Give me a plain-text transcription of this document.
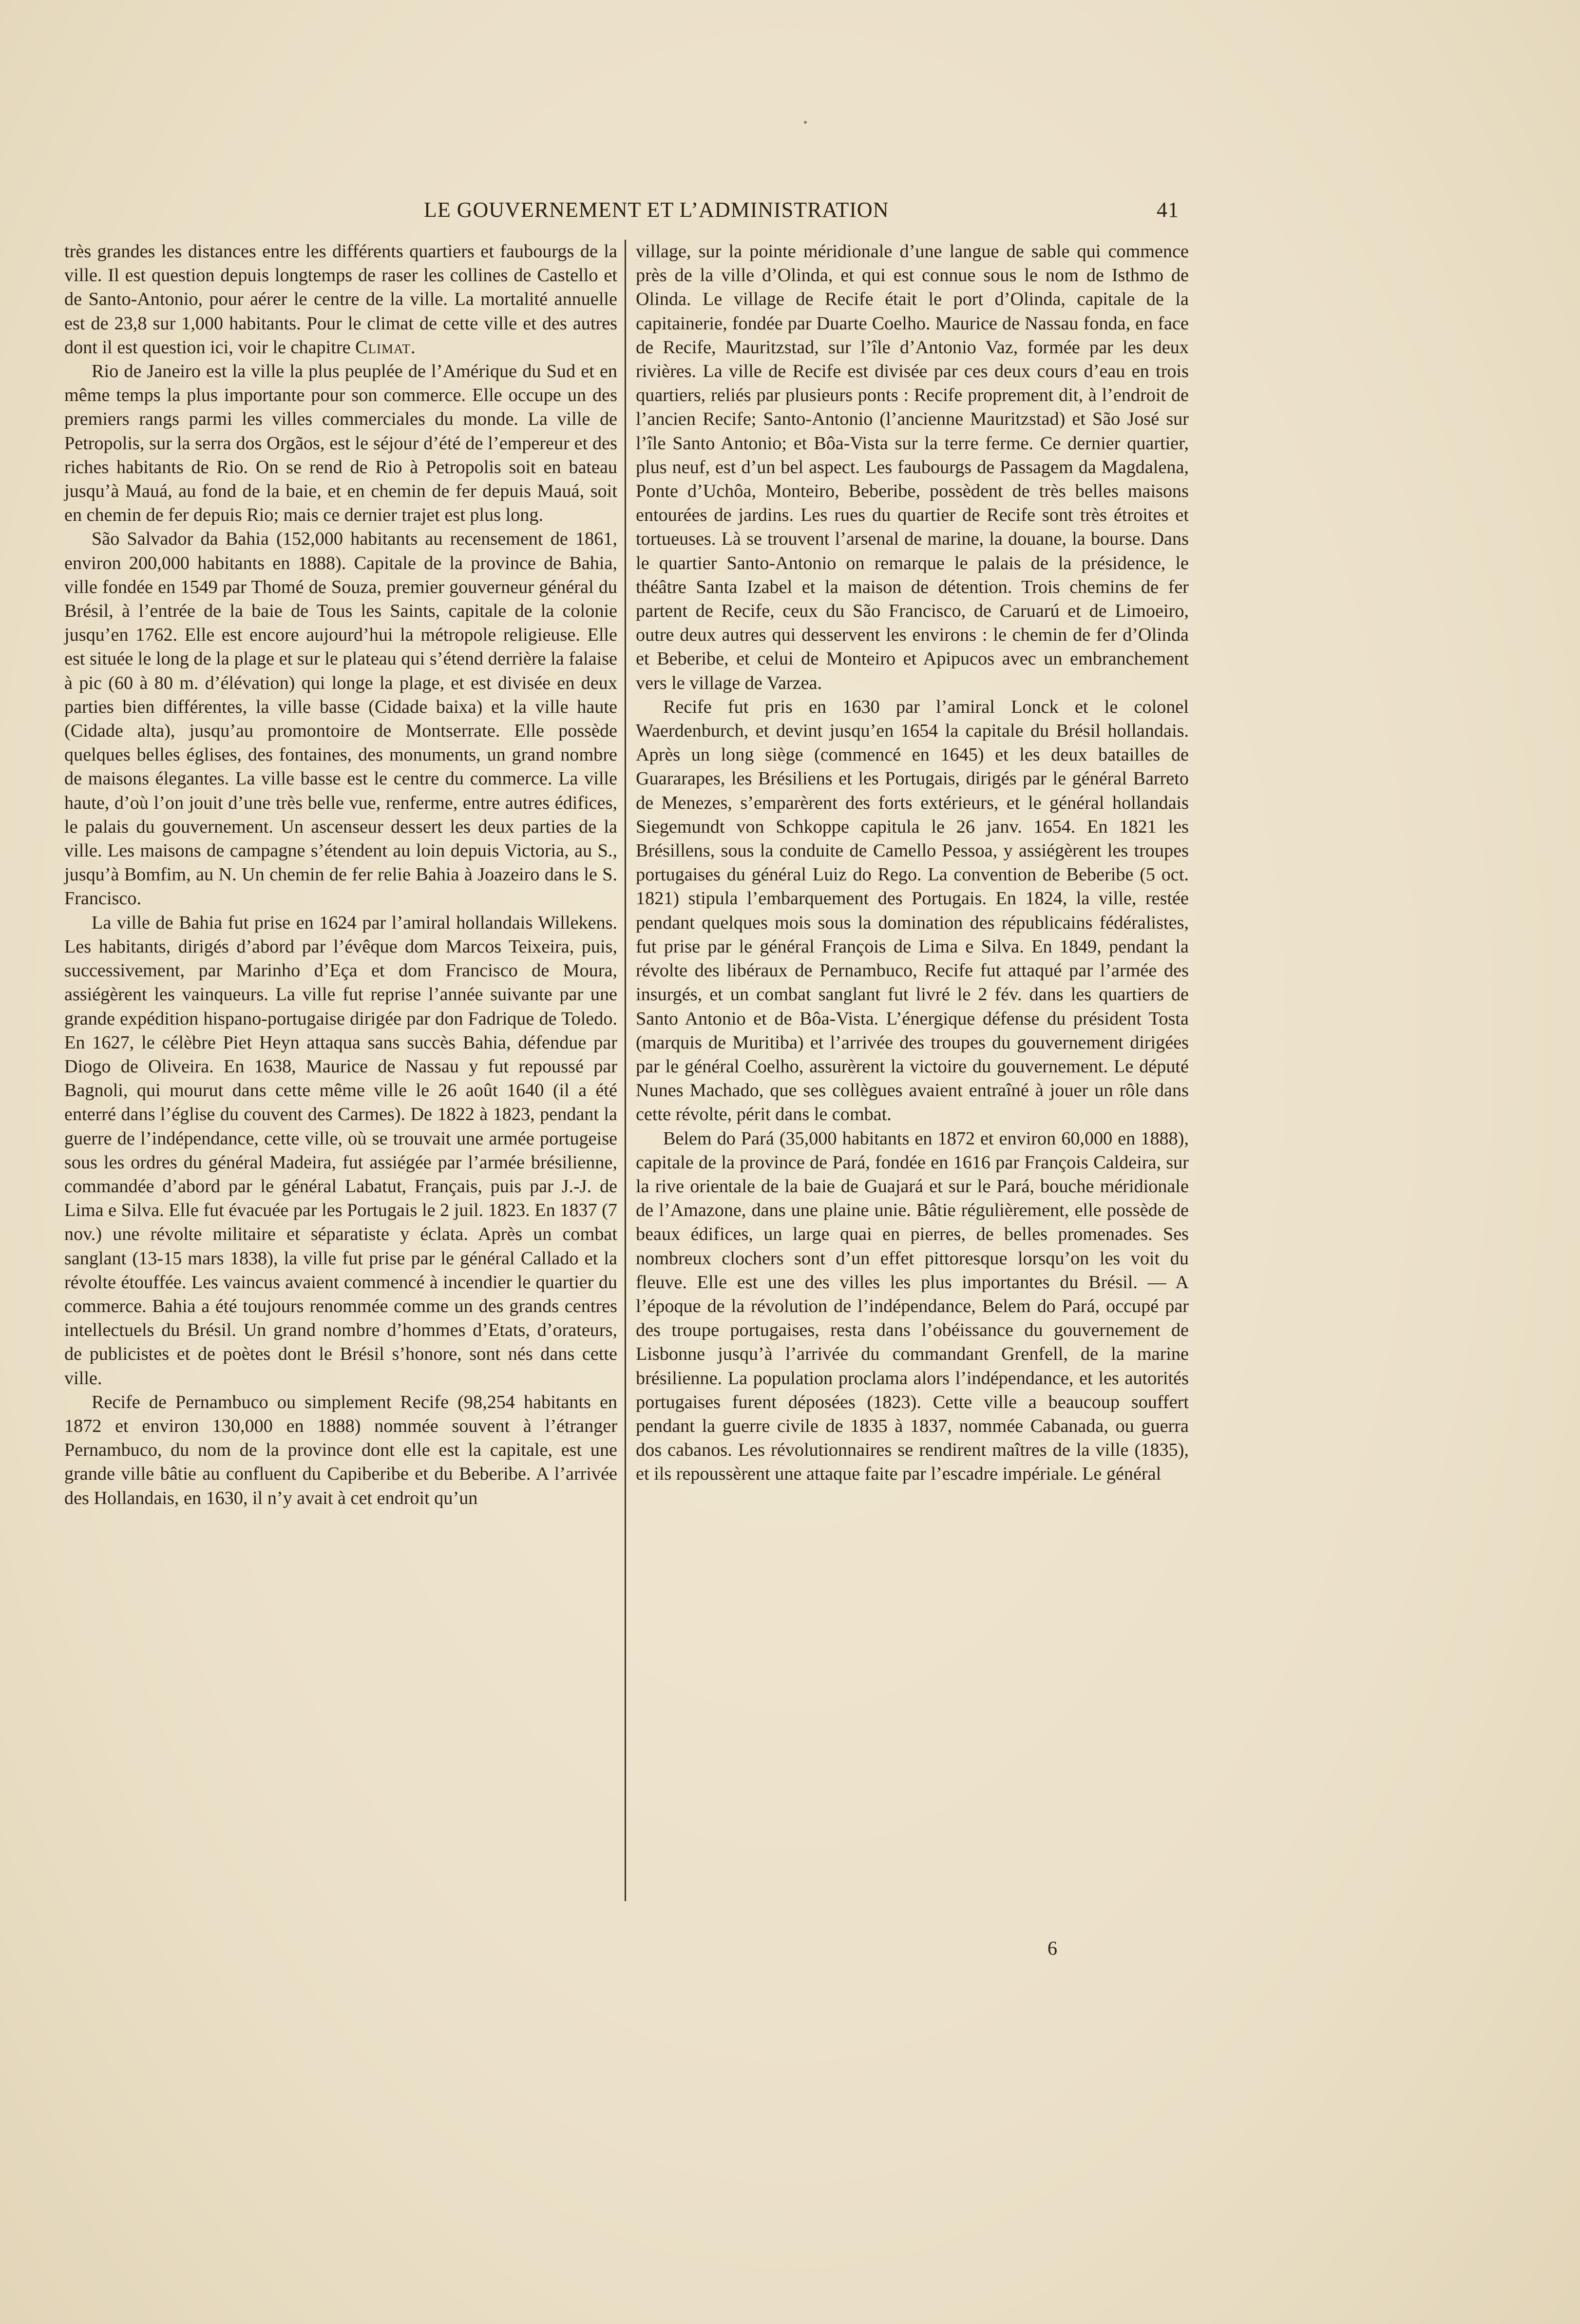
LE GOUVERNEMENT ET L’ADMINISTRATION	41

très grandes les distances entre les différents quartiers et faubourgs de la ville. Il est question depuis longtemps de raser les collines de Castello et de Santo-Antonio, pour aérer le centre de la ville. La mortalité annuelle est de 23,8 sur 1,000 habitants. Pour le climat de cette ville et des autres dont il est question ici, voir le chapitre Climat.

Rio de Janeiro est la ville la plus peuplée de l’Amérique du Sud et en même temps la plus importante pour son commerce. Elle occupe un des premiers rangs parmi les villes commerciales du monde. La ville de Petropolis, sur la serra dos Orgãos, est le séjour d’été de l’empereur et des riches habitants de Rio. On se rend de Rio à Petropolis soit en bateau jusqu’à Mauá, au fond de la baie, et en chemin de fer depuis Mauá, soit en chemin de fer depuis Rio; mais ce dernier trajet est plus long.

São Salvador da Bahia (152,000 habitants au recensement de 1861, environ 200,000 habitants en 1888). Capitale de la province de Bahia, ville fondée en 1549 par Thomé de Souza, premier gouverneur général du Brésil, à l’entrée de la baie de Tous les Saints, capitale de la colonie jusqu’en 1762. Elle est encore aujourd’hui la métropole religieuse. Elle est située le long de la plage et sur le plateau qui s’étend derrière la falaise à pic (60 à 80 m. d’élévation) qui longe la plage, et est divisée en deux parties bien différentes, la ville basse (Cidade baixa) et la ville haute (Cidade alta), jusqu’au promontoire de Montserrate. Elle possède quelques belles églises, des fontaines, des monuments, un grand nombre de maisons élegantes. La ville basse est le centre du commerce. La ville haute, d’où l’on jouit d’une très belle vue, renferme, entre autres édifices, le palais du gouvernement. Un ascenseur dessert les deux parties de la ville. Les maisons de campagne s’étendent au loin depuis Victoria, au S., jusqu’à Bomfim, au N. Un chemin de fer relie Bahia à Joazeiro dans le S. Francisco.

La ville de Bahia fut prise en 1624 par l’amiral hollandais Willekens. Les habitants, dirigés d’abord par l’évêque dom Marcos Teixeira, puis, successivement, par Marinho d’Eça et dom Francisco de Moura, assiégèrent les vainqueurs. La ville fut reprise l’année suivante par une grande expédition hispano-portugaise dirigée par don Fadrique de Toledo. En 1627, le célèbre Piet Heyn attaqua sans succès Bahia, défendue par Diogo de Oliveira. En 1638, Maurice de Nassau y fut repoussé par Bagnoli, qui mourut dans cette même ville le 26 août 1640 (il a été enterré dans l’église du couvent des Carmes). De 1822 à 1823, pendant la guerre de l’indépendance, cette ville, où se trouvait une armée portugeise sous les ordres du général Madeira, fut assiégée par l’armée brésilienne, commandée d’abord par le général Labatut, Français, puis par J.-J. de Lima e Silva. Elle fut évacuée par les Portugais le 2 juil. 1823. En 1837 (7 nov.) une révolte militaire et séparatiste y éclata. Après un combat sanglant (13-15 mars 1838), la ville fut prise par le général Callado et la révolte étouffée. Les vaincus avaient commencé à incendier le quartier du commerce. Bahia a été toujours renommée comme un des grands centres intellectuels du Brésil. Un grand nombre d’hommes d’Etats, d’orateurs, de publicistes et de poètes dont le Brésil s’honore, sont nés dans cette ville.

Recife de Pernambuco ou simplement Recife (98,254 habitants en 1872 et environ 130,000 en 1888) nommée souvent à l’étranger Pernambuco, du nom de la province dont elle est la capitale, est une grande ville bâtie au confluent du Capiberibe et du Beberibe. A l’arrivée des Hollandais, en 1630, il n’y avait à cet endroit qu’un

village, sur la pointe méridionale d’une langue de sable qui commence près de la ville d’Olinda, et qui est connue sous le nom de Isthmo de Olinda. Le village de Recife était le port d’Olinda, capitale de la capitainerie, fondée par Duarte Coelho. Maurice de Nassau fonda, en face de Recife, Mauritzstad, sur l’île d’Antonio Vaz, formée par les deux rivières. La ville de Recife est divisée par ces deux cours d’eau en trois quartiers, reliés par plusieurs ponts : Recife proprement dit, à l’endroit de l’ancien Recife; Santo-Antonio (l’ancienne Mauritzstad) et São José sur l’île Santo Antonio; et Bôa-Vista sur la terre ferme. Ce dernier quartier, plus neuf, est d’un bel aspect. Les faubourgs de Passagem da Magdalena, Ponte d’Uchôa, Monteiro, Beberibe, possèdent de très belles maisons entourées de jardins. Les rues du quartier de Recife sont très étroites et tortueuses. Là se trouvent l’arsenal de marine, la douane, la bourse. Dans le quartier Santo-Antonio on remarque le palais de la présidence, le théâtre Santa Izabel et la maison de détention. Trois chemins de fer partent de Recife, ceux du São Francisco, de Caruarú et de Limoeiro, outre deux autres qui desservent les environs : le chemin de fer d’Olinda et Beberibe, et celui de Monteiro et Apipucos avec un embranchement vers le village de Varzea.

Recife fut pris en 1630 par l’amiral Lonck et le colonel Waerdenburch, et devint jusqu’en 1654 la capitale du Brésil hollandais. Après un long siège (commencé en 1645) et les deux batailles de Guararapes, les Brésiliens et les Portugais, dirigés par le général Barreto de Menezes, s’emparèrent des forts extérieurs, et le général hollandais Siegemundt von Schkoppe capitula le 26 janv. 1654. En 1821 les Brésillens, sous la conduite de Camello Pessoa, y assiégèrent les troupes portugaises du général Luiz do Rego. La convention de Beberibe (5 oct. 1821) stipula l’embarquement des Portugais. En 1824, la ville, restée pendant quelques mois sous la domination des républicains fédéralistes, fut prise par le général François de Lima e Silva. En 1849, pendant la révolte des libéraux de Pernambuco, Recife fut attaqué par l’armée des insurgés, et un combat sanglant fut livré le 2 fév. dans les quartiers de Santo Antonio et de Bôa-Vista. L’énergique défense du président Tosta (marquis de Muritiba) et l’arrivée des troupes du gouvernement dirigées par le général Coelho, assurèrent la victoire du gouvernement. Le député Nunes Machado, que ses collègues avaient entraîné à jouer un rôle dans cette révolte, périt dans le combat.

Belem do Pará (35,000 habitants en 1872 et environ 60,000 en 1888), capitale de la province de Pará, fondée en 1616 par François Caldeira, sur la rive orientale de la baie de Guajará et sur le Pará, bouche méridionale de l’Amazone, dans une plaine unie. Bâtie régulièrement, elle possède de beaux édifices, un large quai en pierres, de belles promenades. Ses nombreux clochers sont d’un effet pittoresque lorsqu’on les voit du fleuve. Elle est une des villes les plus importantes du Brésil. — A l’époque de la révolution de l’indépendance, Belem do Pará, occupé par des troupe portugaises, resta dans l’obéissance du gouvernement de Lisbonne jusqu’à l’arrivée du commandant Grenfell, de la marine brésilienne. La population proclama alors l’indépendance, et les autorités portugaises furent déposées (1823). Cette ville a beaucoup souffert pendant la guerre civile de 1835 à 1837, nommée Cabanada, ou guerra dos cabanos. Les révolutionnaires se rendirent maîtres de la ville (1835), et ils repoussèrent une attaque faite par l’escadre impériale. Le général

6
